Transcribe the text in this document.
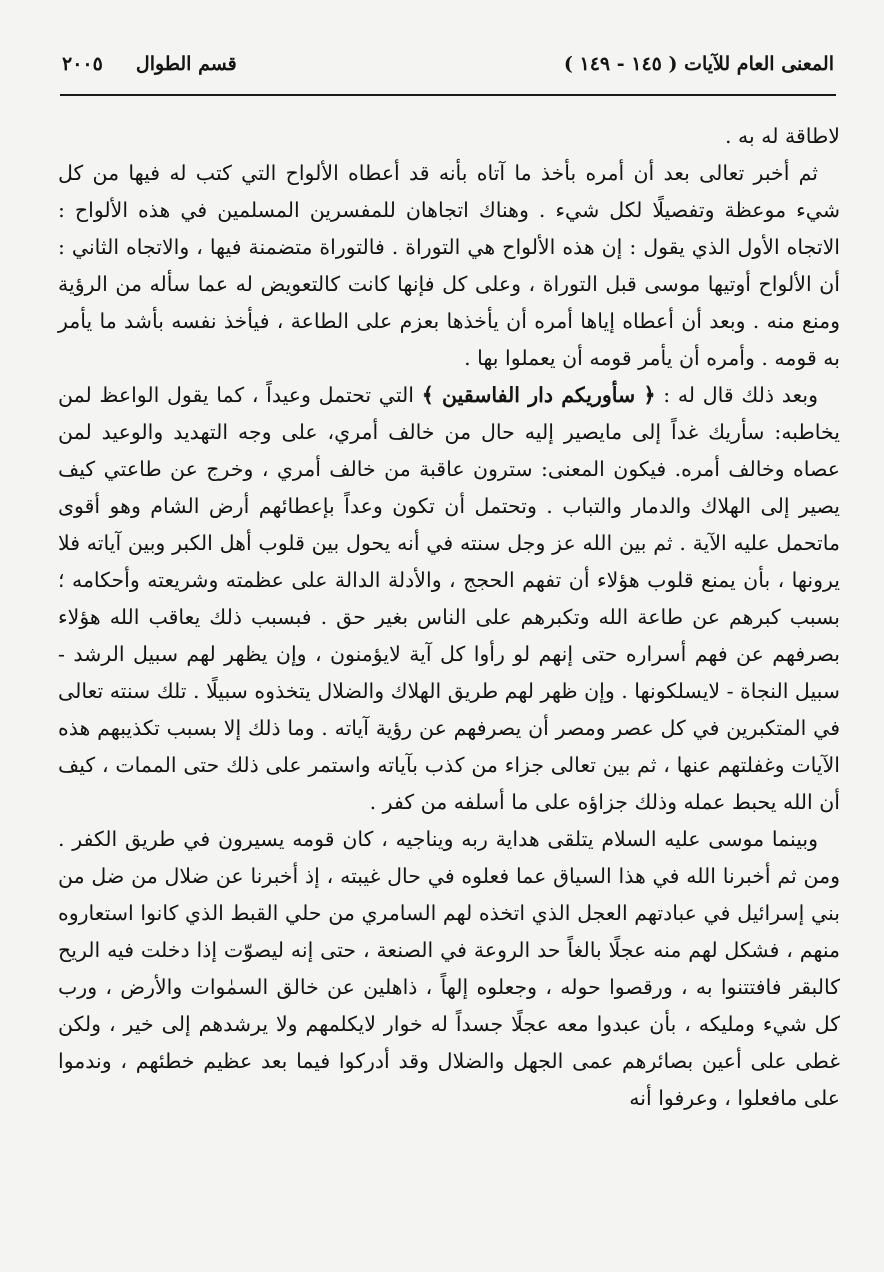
المعنى العام للآيات ( ١٤٥ - ١٤٩ )
قسم الطوال     ٢٠٠٥

لاطاقة له به .

ثم أخبر تعالى بعد أن أمره بأخذ ما آتاه بأنه قد أعطاه الألواح التي كتب له فيها من كل شيء موعظة وتفصيلًا لكل شيء . وهناك اتجاهان للمفسرين المسلمين في هذه الألواح : الاتجاه الأول الذي يقول : إن هذه الألواح هي التوراة . فالتوراة متضمنة فيها ، والاتجاه الثاني : أن الألواح أوتيها موسى قبل التوراة ، وعلى كل فإنها كانت كالتعويض له عما سأله من الرؤية ومنع منه . وبعد أن أعطاه إياها أمره أن يأخذها بعزم على الطاعة ، فيأخذ نفسه بأشد ما يأمر به قومه . وأمره أن يأمر قومه أن يعملوا بها .

وبعد ذلك قال له : ﴿ سأوريكم دار الفاسقين ﴾ التي تحتمل وعيداً ، كما يقول الواعظ لمن يخاطبه: سأريك غداً إلى مايصير إليه حال من خالف أمري، على وجه التهديد والوعيد لمن عصاه وخالف أمره. فيكون المعنى: سترون عاقبة من خالف أمري ، وخرج عن طاعتي كيف يصير إلى الهلاك والدمار والتباب . وتحتمل أن تكون وعداً بإعطائهم أرض الشام وهو أقوى ماتحمل عليه الآية . ثم بين الله عز وجل سنته في أنه يحول بين قلوب أهل الكبر وبين آياته فلا يرونها ، بأن يمنع قلوب هؤلاء أن تفهم الحجج ، والأدلة الدالة على عظمته وشريعته وأحكامه ؛ بسبب كبرهم عن طاعة الله وتكبرهم على الناس بغير حق . فبسبب ذلك يعاقب الله هؤلاء بصرفهم عن فهم أسراره حتى إنهم لو رأوا كل آية لايؤمنون ، وإن يظهر لهم سبيل الرشد - سبيل النجاة - لايسلكونها . وإن ظهر لهم طريق الهلاك والضلال يتخذوه سبيلًا . تلك سنته تعالى في المتكبرين في كل عصر ومصر أن يصرفهم عن رؤية آياته . وما ذلك إلا بسبب تكذيبهم هذه الآيات وغفلتهم عنها ، ثم بين تعالى جزاء من كذب بآياته واستمر على ذلك حتى الممات ، كيف أن الله يحبط عمله وذلك جزاؤه على ما أسلفه من كفر .

وبينما موسى عليه السلام يتلقى هداية ربه ويناجيه ، كان قومه يسيرون في طريق الكفر . ومن ثم أخبرنا الله في هذا السياق عما فعلوه في حال غيبته ، إذ أخبرنا عن ضلال من ضل من بني إسرائيل في عبادتهم العجل الذي اتخذه لهم السامري من حلي القبط الذي كانوا استعاروه منهم ، فشكل لهم منه عجلًا بالغاً حد الروعة في الصنعة ، حتى إنه ليصوّت إذا دخلت فيه الريح كالبقر فافتتنوا به ، ورقصوا حوله ، وجعلوه إلهاً ، ذاهلين عن خالق السمٰوات والأرض ، ورب كل شيء ومليكه ، بأن عبدوا معه عجلًا جسداً له خوار لايكلمهم ولا يرشدهم إلى خير ، ولكن غطى على أعين بصائرهم عمى الجهل والضلال وقد أدركوا فيما بعد عظيم خطئهم ، وندموا على مافعلوا ، وعرفوا أنه
